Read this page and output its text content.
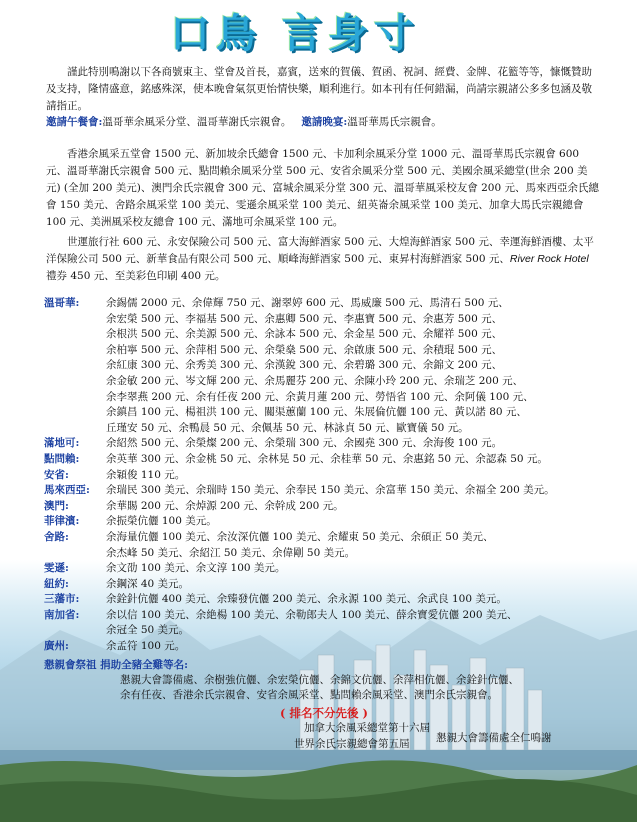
口鳥 言身寸
謹此特別鳴謝以下各商號東主、堂會及首長，嘉賓，送來的賀儀、賀函、祝詞、經費、金牌、花籃等等，慷慨贊助及支持，隆情盛意，銘感殊深，使本晚會氣氛更怡情快樂，順利進行。如本刊有任何錯漏，尚請宗親諸公多多包涵及敬請指正。
邀請午餐會:溫哥華余風采分堂、溫哥華謝氏宗親會。 邀請晚宴:溫哥華馬氏宗親會。
香港余風采五堂會 1500 元、新加坡余氏總會 1500 元、卡加利余風采分堂 1000 元、溫哥華馬氏宗親會 600 元、溫哥華謝氏宗親會 500 元、點問賴余風采分堂 500 元、安省余風采分堂 500 元、美國余風采總堂(世余 200 美元) (全加 200 美元)、澳門余氏宗親會 300 元、富城余風采分堂 300 元、溫哥華風采校友會 200 元、馬來西亞余氏總會 150 美元、舍路余風采堂 100 美元、雯遜余風采堂 100 美元、紐英崙余風采堂 100 美元、加拿大馬氏宗親總會 100 元、美洲風采校友總會 100 元、滿地可余風采堂 100 元。
世運旅行社 600 元、永安保險公司 500 元、富大海鮮酒家 500 元、大煌海鮮酒家 500 元、幸運海鮮酒樓、太平洋保險公司 500 元、新華食品有限公司 500 元、順峰海鮮酒家 500 元、東昇村海鮮酒家 500 元、River Rock Hotel 禮券 450 元、至美彩色印刷 400 元。
溫哥華:	余錫儒 2000 元、余偉輝 750 元、謝翠婷 600 元、馬威廉 500 元、馬清石 500 元、
余宏榮 500 元、李福基 500 元、余惠卿 500 元、李惠寶 500 元、余惠芳 500 元、
余根洪 500 元、余美源 500 元、余詠本 500 元、余金星 500 元、余耀祥 500 元、
余柏寧 500 元、余萍相 500 元、余榮燊 500 元、余啟康 500 元、余積琨 500 元、
余紅康 300 元、余秀美 300 元、余漢銳 300 元、余碧璐 300 元、余錦文 200 元、
余金敏 200 元、岑文輝 200 元、余馬麗芬 200 元、余陳小玲 200 元、余瑞芝 200 元、
余李翠燕 200 元、余有任夜 200 元、余黃月蓮 200 元、勞悟省 100 元、余阿儀 100 元、
余鎮昌 100 元、楊祖洪 100 元、關渠蕙蘭 100 元、朱展倫伉儷 100 元、黃以諾 80 元、
丘瑾安 50 元、余鴨晨 50 元、余佩基 50 元、林詠貞 50 元、歐寶儀 50 元。
滿地可:	余紹然 500 元、余榮燦 200 元、余榮瑞 300 元、余國堯 300 元、余海俊 100 元。
點問賴:	余英華 300 元、余金桃 50 元、余林晃 50 元、余桂華 50 元、余惠銘 50 元、余認森 50 元。
安省:	余穎俊 110 元。
馬來西亞:	余瑞民 300 美元、余瑞時 150 美元、余奉民 150 美元、余富華 150 美元、余福全 200 美元。
澳門:	余華賜 200 元、余焯源 200 元、余幹成 200 元。
菲律濱:	余振榮伉儷 100 美元。
舍路:	余海量伉儷 100 美元、余汝深伉儷 100 美元、余耀東 50 美元、余碩正 50 美元、
余杰峰 50 美元、余紹江 50 美元、余偉剛 50 美元。
雯遜:	余文劭 100 美元、余文淳 100 美元。
紐約:	余鋼深 40 美元。
三藩市:	余銓針伉儷 400 美元、余臻發伉儷 200 美元、余永源 100 美元、余武良 100 美元。
南加省:	余以信 100 美元、余絶楊 100 美元、余勒郎夫人 100 美元、薛余寶愛伉儷 200 美元、
余冠全 50 美元。
廣州:	余孟符 100 元。
懇親會祭祖 捐助全豬全雞等名:
懇親大會籌備處、余樹強伉儷、余宏榮伉儷、余錦文伉儷、余萍相伉儷、余銓針伉儷、
余有任夜、香港余氏宗親會、安省余風采堂、點問賴余風采堂、澳門余氏宗親會。
( 排名不分先後 )
加拿大余風采總堂第十六屆
世界余氏宗親總會第五屆	懇親大會籌備處全仁鳴謝
